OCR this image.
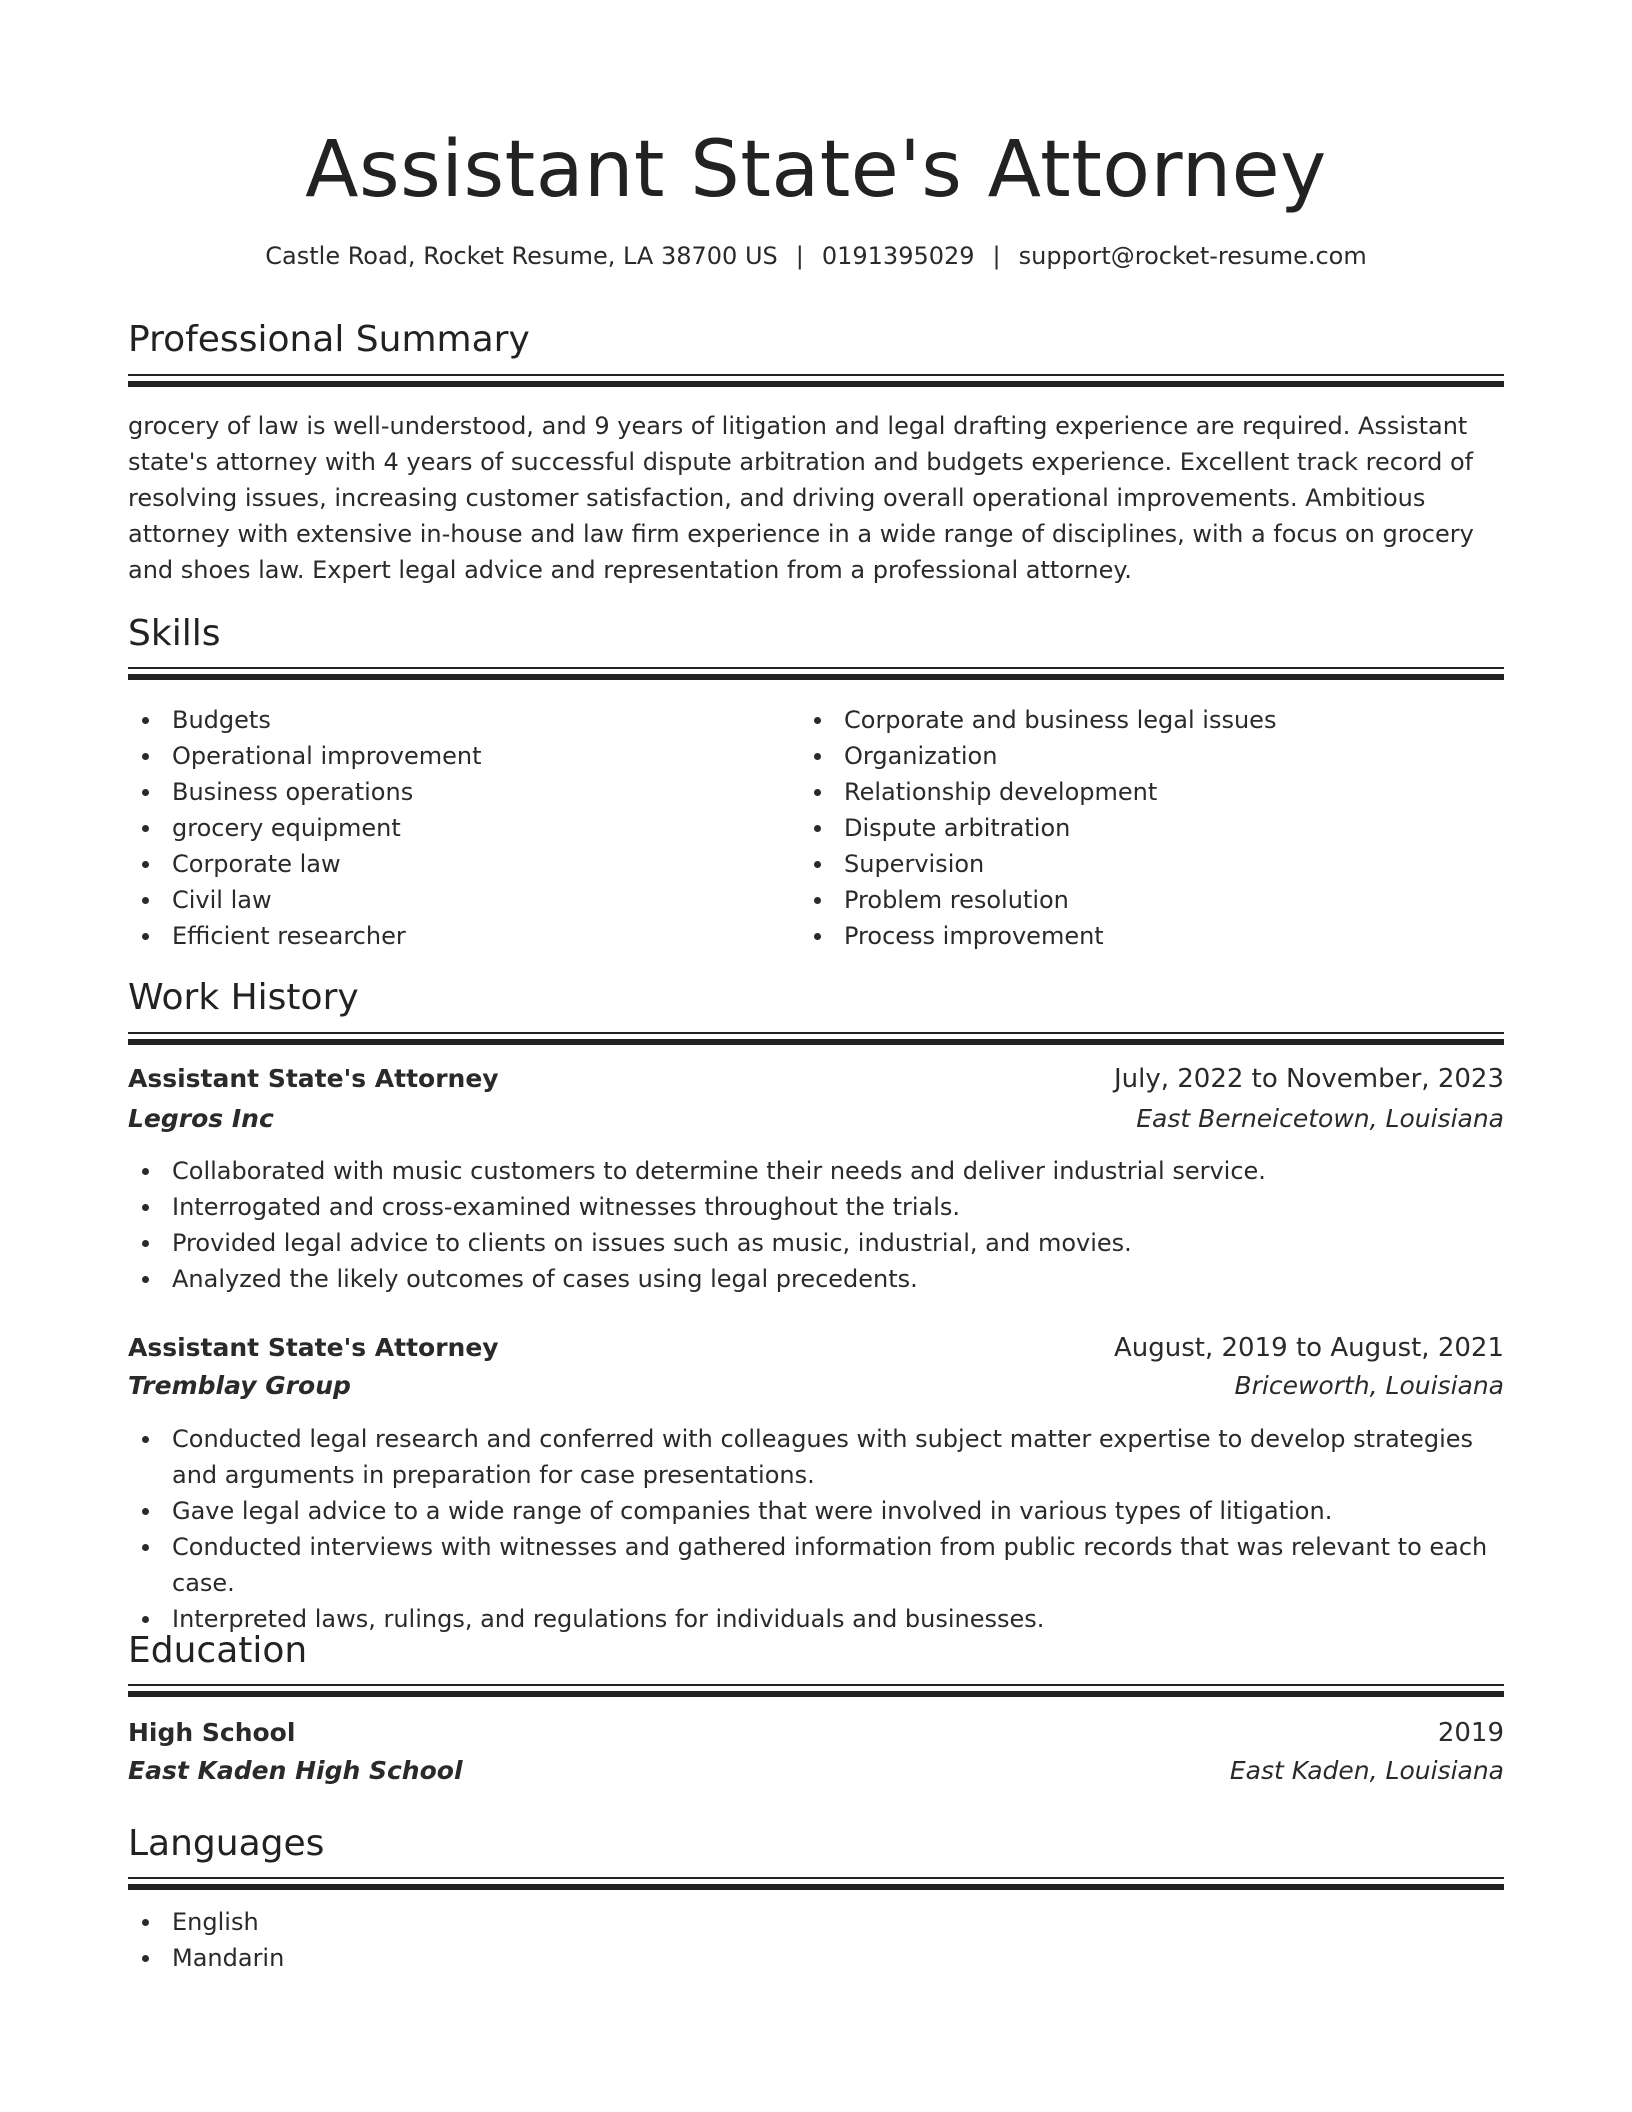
Assistant State's Attorney
Castle Road, Rocket Resume, LA 38700 US | 0191395029 | support@rocket-resume.com
Professional Summary

grocery of law is well-understood, and 9 years of litigation and legal drafting experience are required. Assistant state's attorney with 4 years of successful dispute arbitration and budgets experience. Excellent track record of resolving issues, increasing customer satisfaction, and driving overall operational improvements. Ambitious attorney with extensive in-house and law firm experience in a wide range of disciplines, with a focus on grocery and shoes law. Expert legal advice and representation from a professional attorney.

Skills
Budgets
Operational improvement
Business operations
grocery equipment
Corporate law
Civil law
Efficient researcher
Corporate and business legal issues
Organization
Relationship development
Dispute arbitration
Supervision
Problem resolution
Process improvement
Work History
Assistant State's Attorney	July, 2022 to November, 2023
Legros Inc	East Berneicetown, Louisiana
Collaborated with music customers to determine their needs and deliver industrial service.
Interrogated and cross-examined witnesses throughout the trials.
Provided legal advice to clients on issues such as music, industrial, and movies.
Analyzed the likely outcomes of cases using legal precedents.
Assistant State's Attorney	August, 2019 to August, 2021
Tremblay Group	Briceworth, Louisiana
Conducted legal research and conferred with colleagues with subject matter expertise to develop strategies and arguments in preparation for case presentations.
Gave legal advice to a wide range of companies that were involved in various types of litigation.
Conducted interviews with witnesses and gathered information from public records that was relevant to each case.
Interpreted laws, rulings, and regulations for individuals and businesses.
Education
High School	2019
East Kaden High School	East Kaden, Louisiana
Languages
English
Mandarin
